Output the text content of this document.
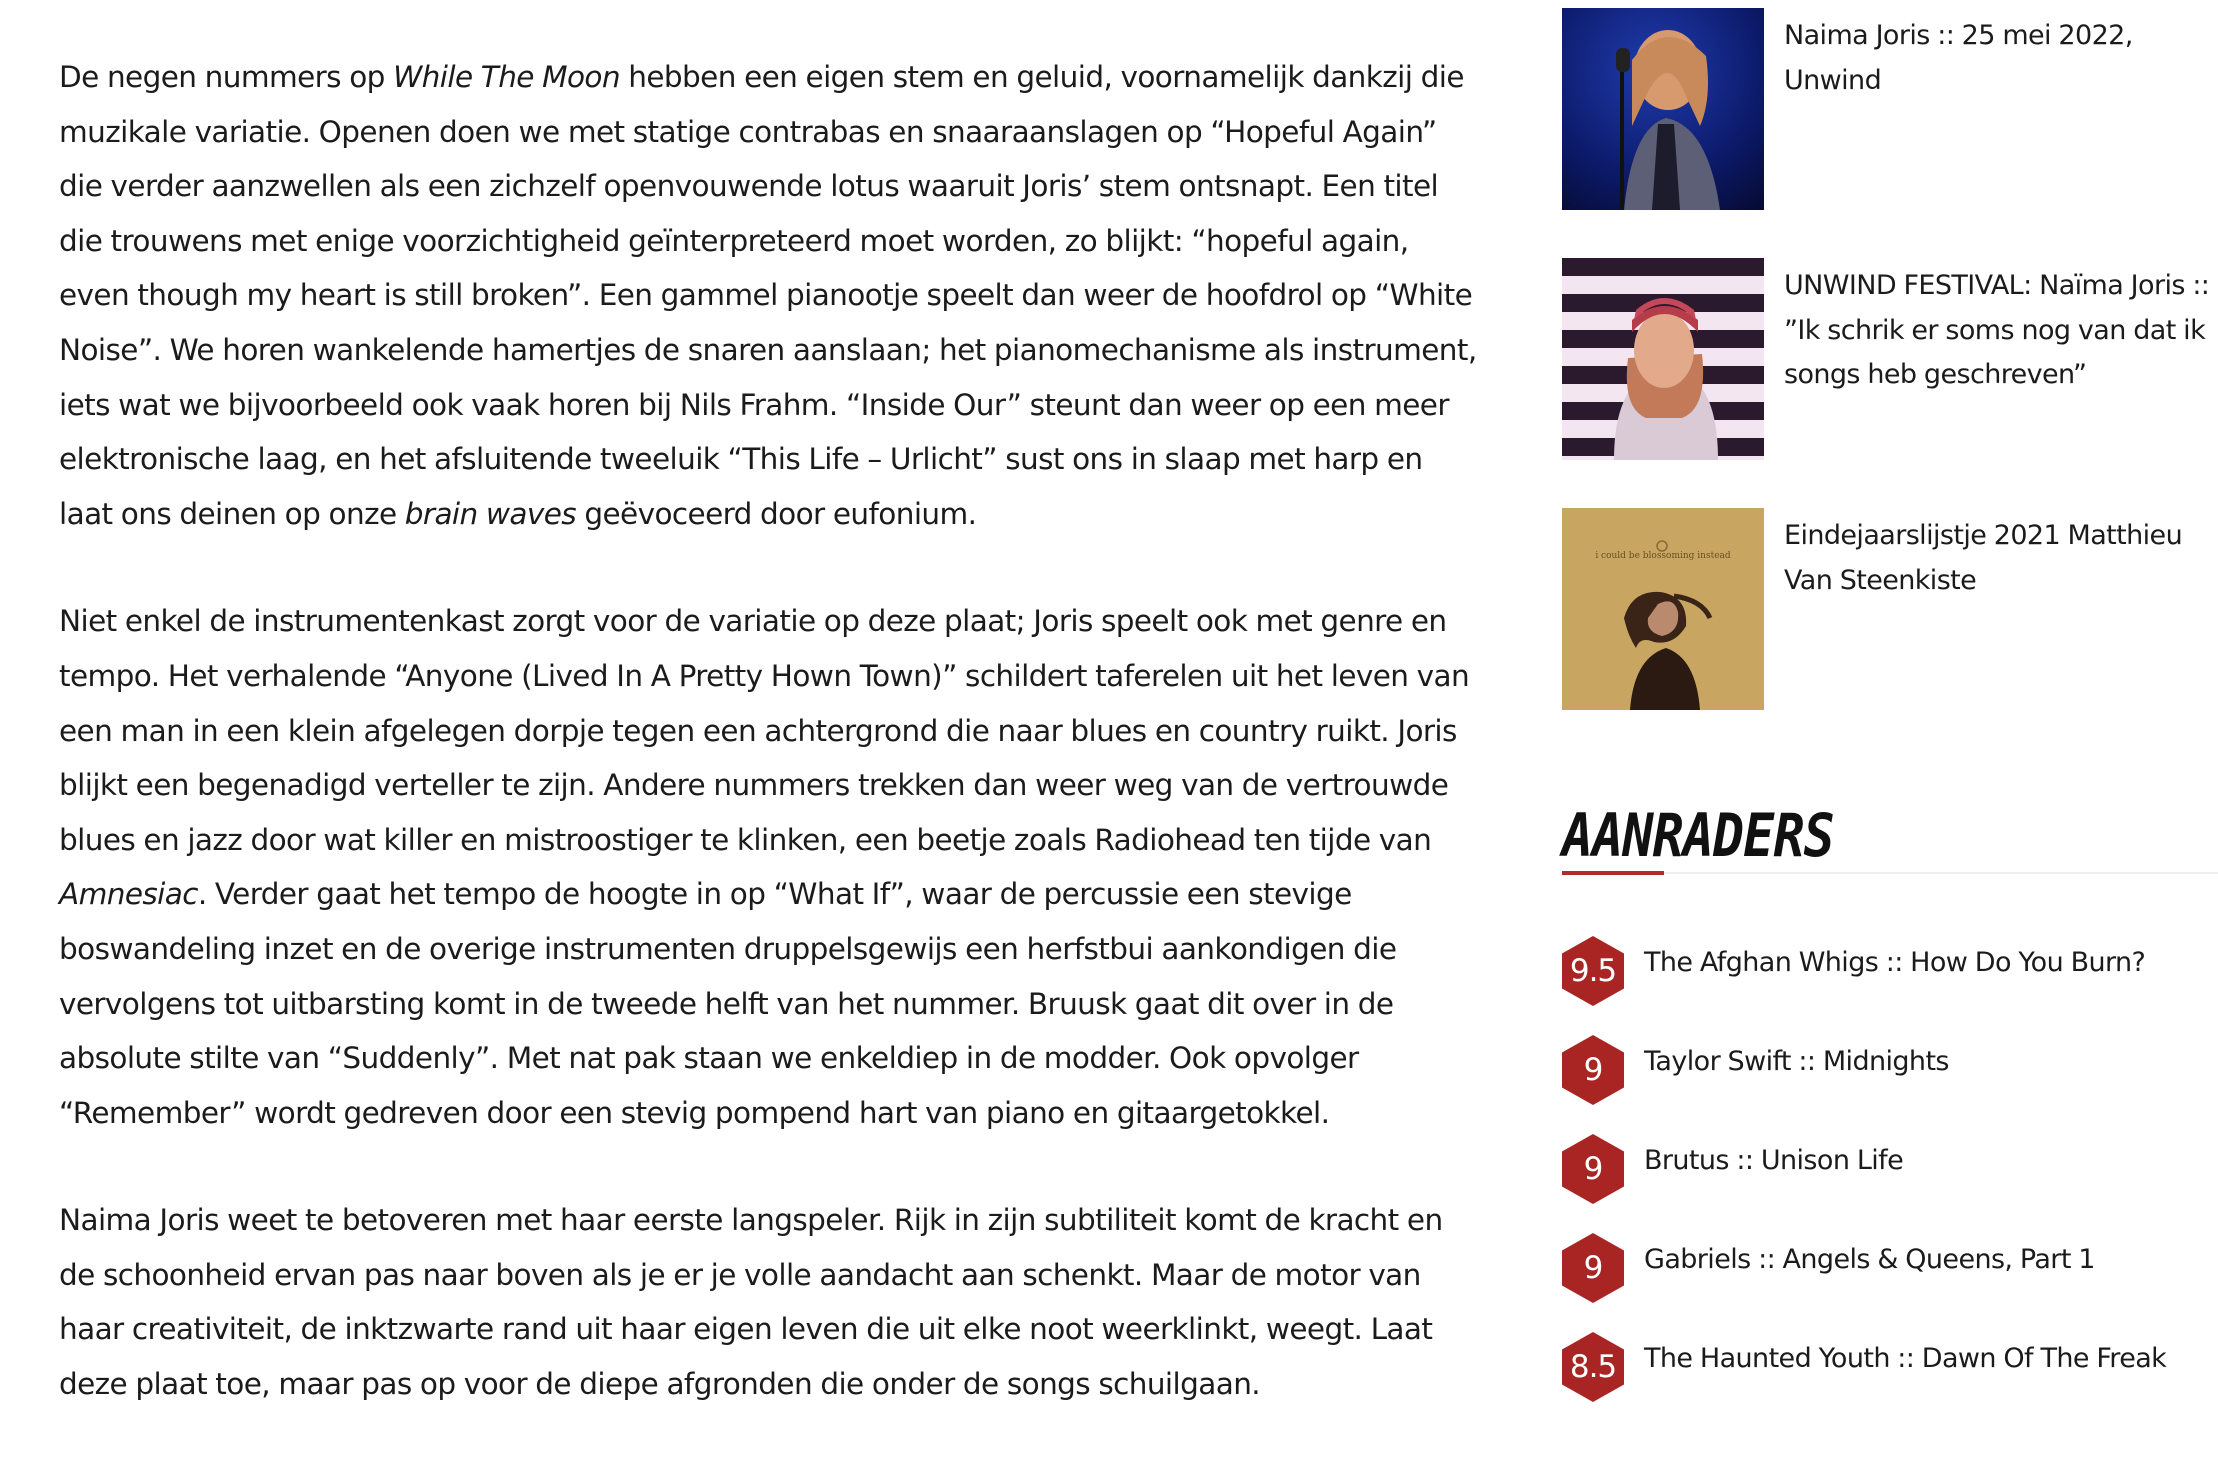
De negen nummers op While The Moon hebben een eigen stem en geluid, voornamelijk dankzij die muzikale variatie. Openen doen we met statige contrabas en snaaraanslagen op “Hopeful Again” die verder aanzwellen als een zichzelf openvouwende lotus waaruit Joris’ stem ontsnapt. Een titel die trouwens met enige voorzichtigheid geïnterpreteerd moet worden, zo blijkt: “hopeful again, even though my heart is still broken”. Een gammel pianootje speelt dan weer de hoofdrol op “White Noise”. We horen wankelende hamertjes de snaren aanslaan; het pianomechanisme als instrument, iets wat we bijvoorbeeld ook vaak horen bij Nils Frahm. “Inside Our” steunt dan weer op een meer elektronische laag, en het afsluitende tweeluik “This Life – Urlicht” sust ons in slaap met harp en laat ons deinen op onze brain waves geëvoceerd door eufonium.

Niet enkel de instrumentenkast zorgt voor de variatie op deze plaat; Joris speelt ook met genre en tempo. Het verhalende “Anyone (Lived In A Pretty Hown Town)” schildert taferelen uit het leven van een man in een klein afgelegen dorpje tegen een achtergrond die naar blues en country ruikt. Joris blijkt een begenadigd verteller te zijn. Andere nummers trekken dan weer weg van de vertrouwde blues en jazz door wat killer en mistroostiger te klinken, een beetje zoals Radiohead ten tijde van Amnesiac. Verder gaat het tempo de hoogte in op “What If”, waar de percussie een stevige boswandeling inzet en de overige instrumenten druppelsgewijs een herfstbui aankondigen die vervolgens tot uitbarsting komt in de tweede helft van het nummer. Bruusk gaat dit over in de absolute stilte van “Suddenly”. Met nat pak staan we enkeldiep in de modder. Ook opvolger “Remember” wordt gedreven door een stevig pompend hart van piano en gitaargetokkel.

Naima Joris weet te betoveren met haar eerste langspeler. Rijk in zijn subtiliteit komt de kracht en de schoonheid ervan pas naar boven als je er je volle aandacht aan schenkt. Maar de motor van haar creativiteit, de inktzwarte rand uit haar eigen leven die uit elke noot weerklinkt, weegt. Laat deze plaat toe, maar pas op voor de diepe afgronden die onder de songs schuilgaan.

Naima Joris :: 25 mei 2022, Unwind
UNWIND FESTIVAL: Naïma Joris :: ”Ik schrik er soms nog van dat ik songs heb geschreven”
i could be blossoming instead
Eindejaarslijstje 2021 Matthieu Van Steenkiste
AANRADERS
9.5 The Afghan Whigs :: How Do You Burn?
9	Taylor Swift :: Midnights
9	Brutus :: Unison Life
9	Gabriels :: Angels & Queens, Part 1
8.5 The Haunted Youth :: Dawn Of The Freak
